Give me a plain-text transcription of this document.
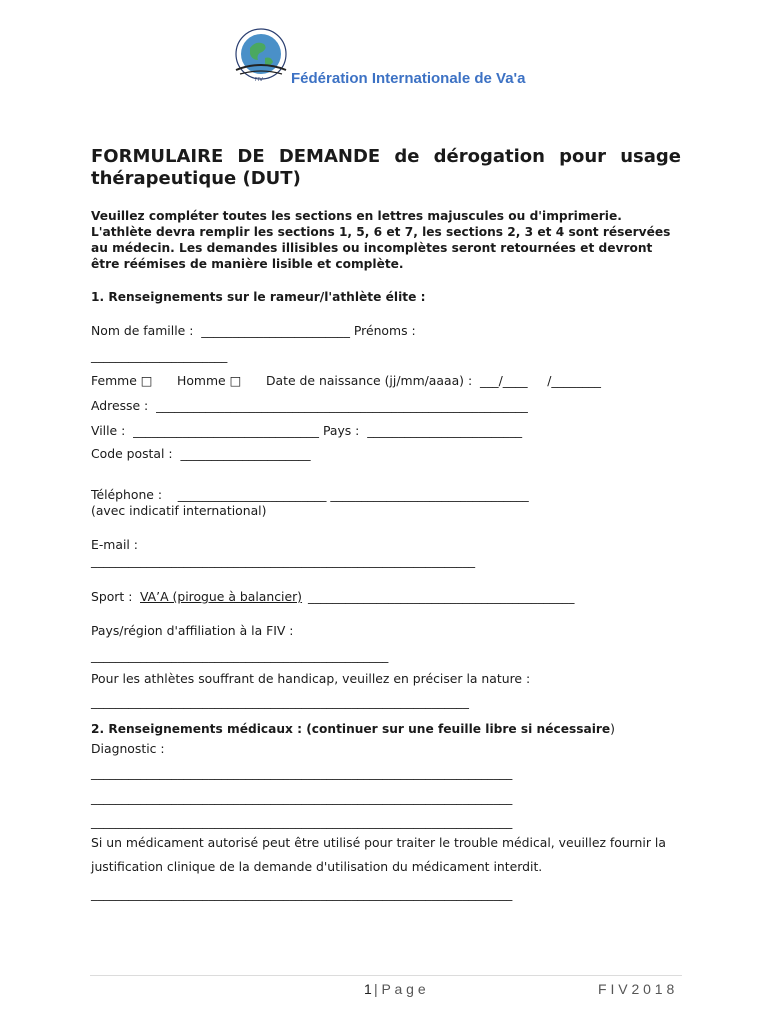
FIV Fédération Internationale de Va'a
FORMULAIRE DE DEMANDE de dérogation pour usage thérapeutique (DUT)
Veuillez compléter toutes les sections en lettres majuscules ou d'imprimerie. L'athlète devra remplir les sections 1, 5, 6 et 7, les sections 2, 3 et 4 sont réservées au médecin. Les demandes illisibles ou incomplètes seront retournées et devront être réémises de manière lisible et complète.
1. Renseignements sur le rameur/l'athlète élite :
Nom de famille :  ________________________ Prénoms :
______________________
Femme □ Homme □ Date de naissance (jj/mm/aaaa) :  ___/____     /________
Adresse :  ____________________________________________________________
Ville :  ______________________________ Pays :  _________________________
Code postal :  _____________________
Téléphone :    ________________________ ________________________________
(avec indicatif international)
E-mail :
______________________________________________________________
Sport : VA’A (pirogue à balancier) ___________________________________________
Pays/région d'affiliation à la FIV :
________________________________________________
Pour les athlètes souffrant de handicap, veuillez en préciser la nature :
_____________________________________________________________
2. Renseignements médicaux : (continuer sur une feuille libre si nécessaire)
Diagnostic :
____________________________________________________________________
____________________________________________________________________
____________________________________________________________________
Si un médicament autorisé peut être utilisé pour traiter le trouble médical, veuillez fournir la
justification clinique de la demande d'utilisation du médicament interdit.
____________________________________________________________________
1 | P a g e	F I V 2 0 1 8
